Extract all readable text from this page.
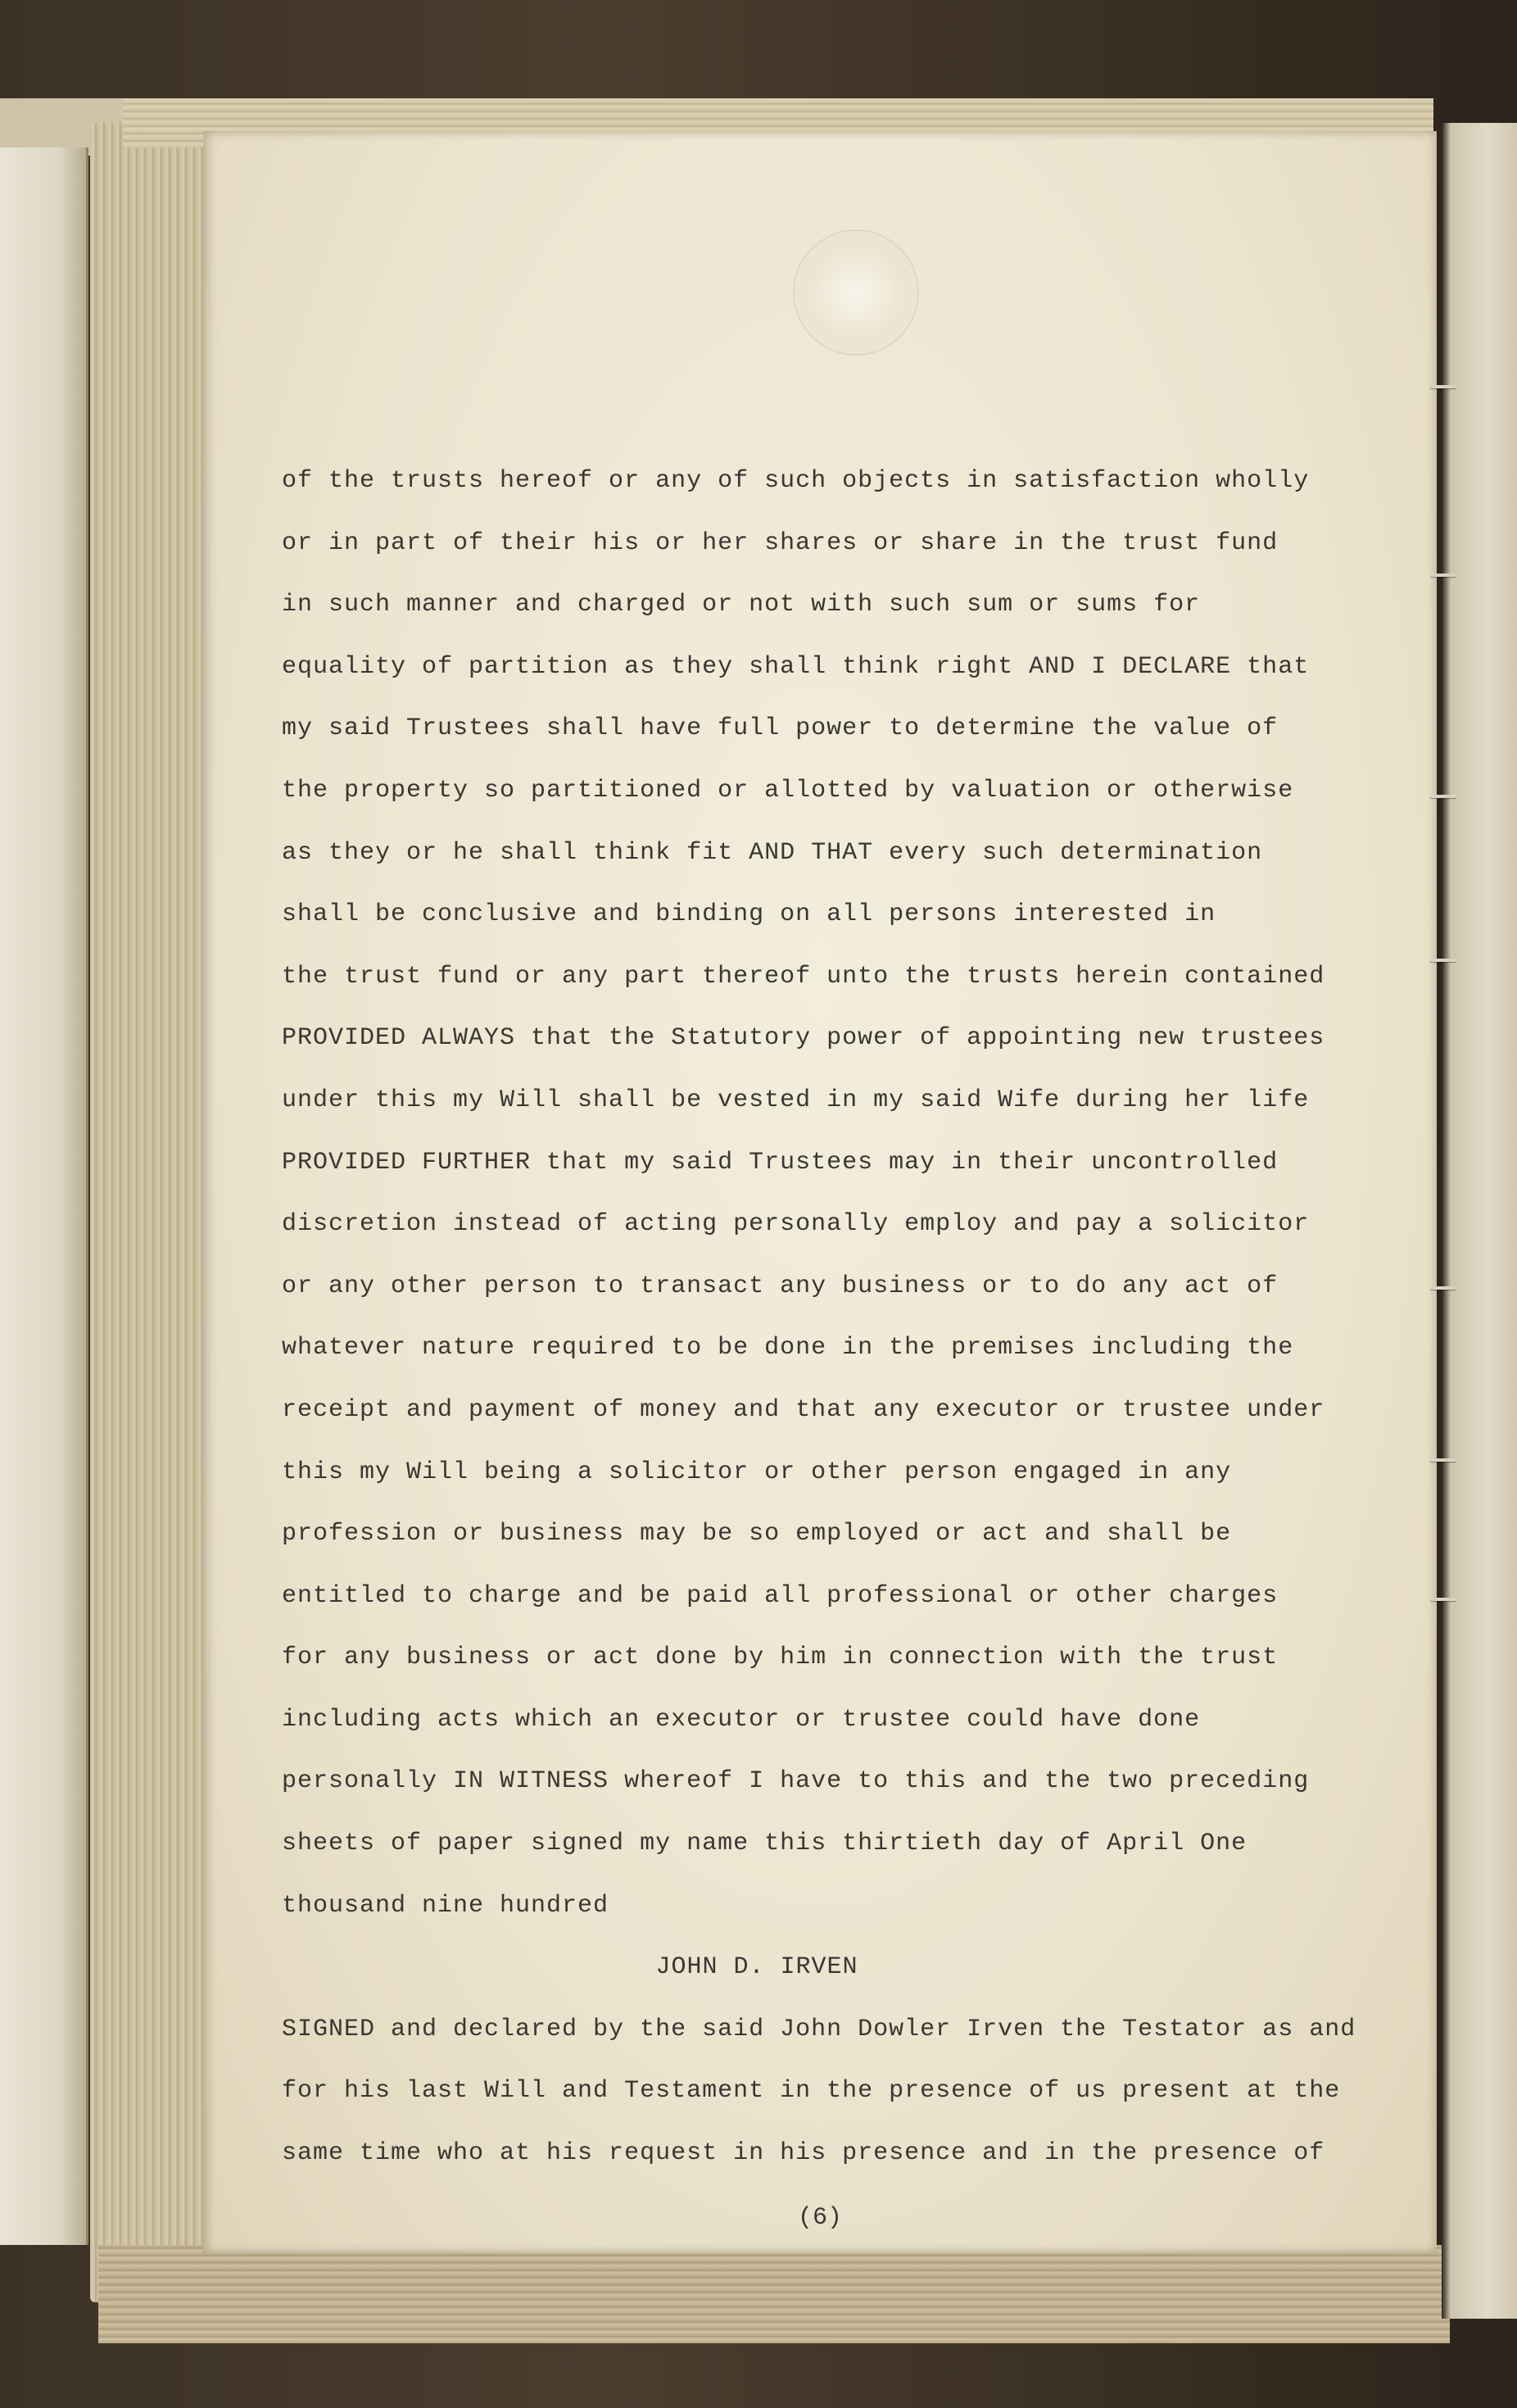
of the trusts hereof or any of such objects in satisfaction wholly
or in part of their his or her shares or share in the trust fund
in such manner and charged or not with such sum or sums for
equality of partition as they shall think right AND I DECLARE that
my said Trustees shall have full power to determine the value of
the property so partitioned or allotted by valuation or otherwise
as they or he shall think fit AND THAT every such determination
shall be conclusive and binding on all persons interested in
the trust fund or any part thereof unto the trusts herein contained
PROVIDED ALWAYS that the Statutory power of appointing new trustees
under this my Will shall be vested in my said Wife during her life
PROVIDED FURTHER that my said Trustees may in their uncontrolled
discretion instead of acting personally employ and pay a solicitor
or any other person to transact any business or to do any act of
whatever nature required to be done in the premises including the
receipt and payment of money and that any executor or trustee under
this my Will being a solicitor or other person engaged in any
profession or business may be so employed or act and shall be
entitled to charge and be paid all professional or other charges
for any business or act done by him in connection with the trust
including acts which an executor or trustee could have done
personally IN WITNESS whereof I have to this and the two preceding
sheets of paper signed my name this thirtieth day of April One
thousand nine hundred
JOHN D. IRVEN
SIGNED and declared by the said John Dowler Irven the Testator as and
for his last Will and Testament in the presence of us present at the
same time who at his request in his presence and in the presence of
(6)
